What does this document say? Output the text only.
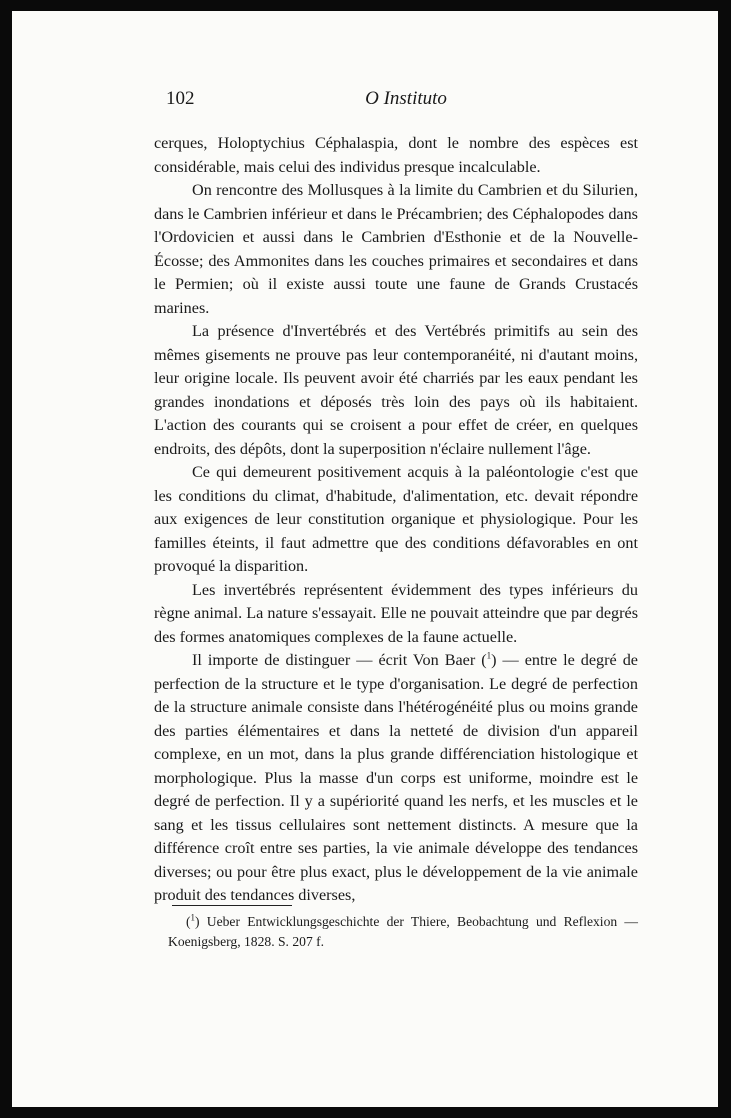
102	O Instituto

cerques, Holoptychius Céphalaspia, dont le nombre des espèces est considérable, mais celui des individus presque incalculable.

On rencontre des Mollusques à la limite du Cambrien et du Silurien, dans le Cambrien inférieur et dans le Précambrien; des Céphalopodes dans l'Ordovicien et aussi dans le Cambrien d'Esthonie et de la Nouvelle-Écosse; des Ammonites dans les couches primaires et secondaires et dans le Permien; où il existe aussi toute une faune de Grands Crustacés marines.

La présence d'Invertébrés et des Vertébrés primitifs au sein des mêmes gisements ne prouve pas leur contemporanéité, ni d'autant moins, leur origine locale. Ils peuvent avoir été charriés par les eaux pendant les grandes inondations et déposés très loin des pays où ils habitaient. L'action des courants qui se croisent a pour effet de créer, en quelques endroits, des dépôts, dont la superposition n'éclaire nullement l'âge.

Ce qui demeurent positivement acquis à la paléontologie c'est que les conditions du climat, d'habitude, d'alimentation, etc. devait répondre aux exigences de leur constitution organique et physiologique. Pour les familles éteints, il faut admettre que des conditions défavorables en ont provoqué la disparition.

Les invertébrés représentent évidemment des types inférieurs du règne animal. La nature s'essayait. Elle ne pouvait atteindre que par degrés des formes anatomiques complexes de la faune actuelle.

Il importe de distinguer — écrit Von Baer ($^1$) — entre le degré de perfection de la structure et le type d'organisation. Le degré de perfection de la structure animale consiste dans l'hétérogénéité plus ou moins grande des parties élémentaires et dans la netteté de division d'un appareil complexe, en un mot, dans la plus grande différenciation histologique et morphologique. Plus la masse d'un corps est uniforme, moindre est le degré de perfection. Il y a supériorité quand les nerfs, et les muscles et le sang et les tissus cellulaires sont nettement distincts. A mesure que la différence croît entre ses parties, la vie animale développe des tendances diverses; ou pour être plus exact, plus le développement de la vie animale produit des tendances diverses,

($^1$) Ueber Entwicklungsgeschichte der Thiere, Beobachtung und Reflexion — Koenigsberg, 1828. S. 207 f.
